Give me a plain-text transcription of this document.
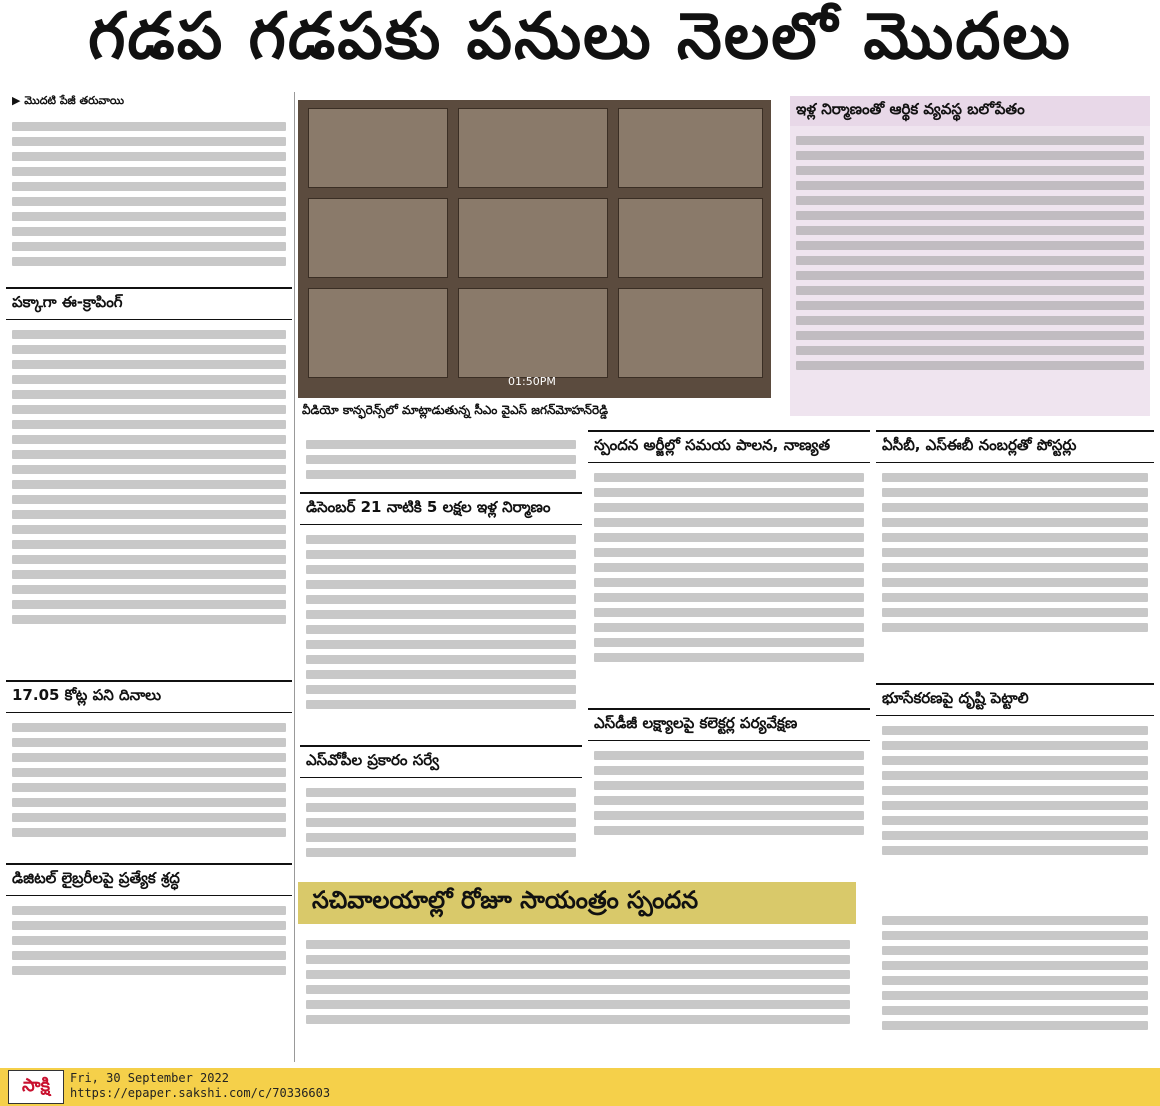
గడప గడపకు పనులు నెలలో మొదలు
▶ మొదటి పేజీ తరువాయి
పక్కాగా ఈ-క్రాపింగ్
17.05 కోట్ల పని దినాలు
డిజిటల్ లైబ్రరీలపై ప్రత్యేక శ్రద్ధ
01:50PM
వీడియో కాన్ఫరెన్స్‌లో మాట్లాడుతున్న సీఎం వైఎస్ జగన్‌మోహన్‌రెడ్డి
డిసెంబర్ 21 నాటికి 5 లక్షల ఇళ్ల నిర్మాణం
ఎస్‌వోపీల ప్రకారం సర్వే
స్పందన అర్జీల్లో సమయ పాలన, నాణ్యత
ఎస్‌డీజీ లక్ష్యాలపై కలెక్టర్ల పర్యవేక్షణ
ఇళ్ల నిర్మాణంతో ఆర్థిక వ్యవస్థ బలోపేతం
ఏసీబీ, ఎస్ఈబీ నంబర్లతో పోస్టర్లు
భూసేకరణపై దృష్టి పెట్టాలి
సచివాలయాల్లో రోజూ సాయంత్రం స్పందన
సాక్షి	Fri, 30 September 2022
https://epaper.sakshi.com/c/70336603
